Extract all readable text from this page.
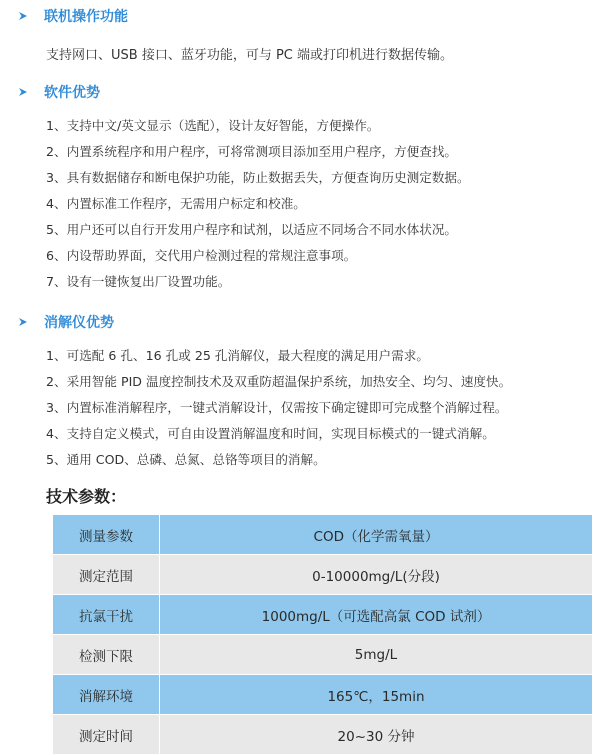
联机操作功能
支持网口、USB 接口、蓝牙功能，可与 PC 端或打印机进行数据传输。
软件优势
1、支持中文/英文显示（选配），设计友好智能，方便操作。
2、内置系统程序和用户程序，可将常测项目添加至用户程序，方便查找。
3、具有数据储存和断电保护功能，防止数据丢失，方便查询历史测定数据。
4、内置标准工作程序，无需用户标定和校准。
5、用户还可以自行开发用户程序和试剂，以适应不同场合不同水体状况。
6、内设帮助界面，交代用户检测过程的常规注意事项。
7、设有一键恢复出厂设置功能。
消解仪优势
1、可选配 6 孔、16 孔或 25 孔消解仪，最大程度的满足用户需求。
2、采用智能 PID 温度控制技术及双重防超温保护系统，加热安全、均匀、速度快。
3、内置标准消解程序，一键式消解设计，仅需按下确定键即可完成整个消解过程。
4、支持自定义模式，可自由设置消解温度和时间，实现目标模式的一键式消解。
5、通用 COD、总磷、总氮、总铬等项目的消解。
技术参数：
测量参数	COD（化学需氧量）
测定范围	0-10000mg/L(分段)
抗氯干扰	1000mg/L（可选配高氯 COD 试剂）
检测下限	5mg/L
消解环境	165℃，15min
测定时间	20~30 分钟
